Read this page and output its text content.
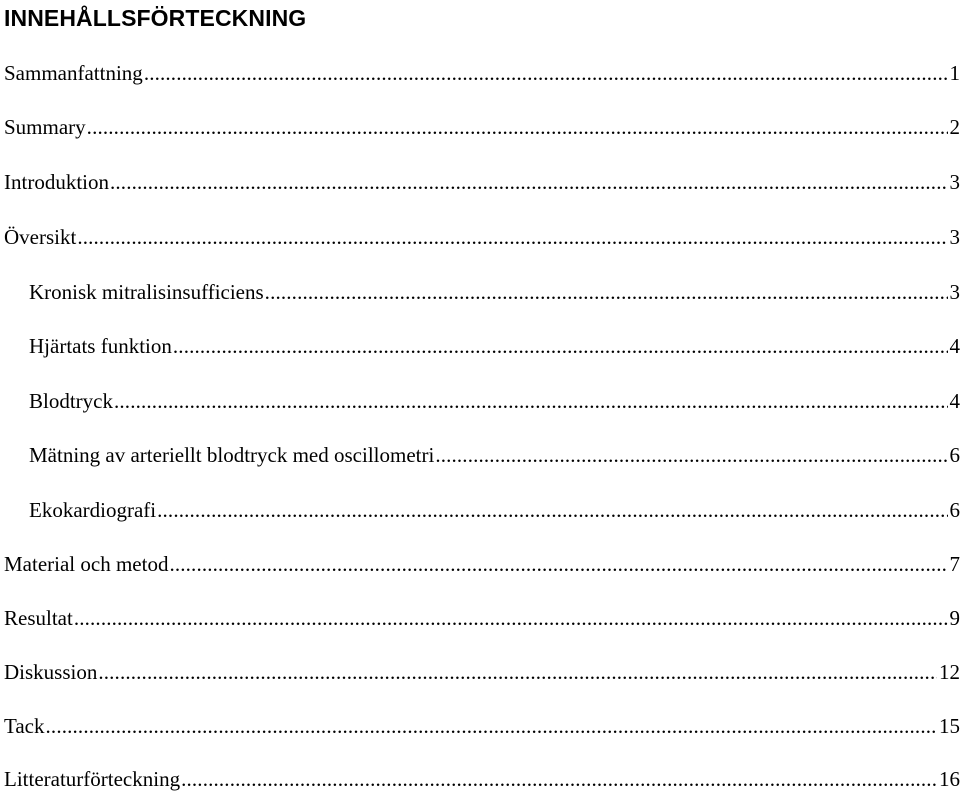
INNEHÅLLSFÖRTECKNING
Sammanfattning .....	1
Summary .....	2
Introduktion .....	3
Översikt .....	3
Kronisk mitralisinsufficiens .....	3
Hjärtats funktion .....	4
Blodtryck .....	4
Mätning av arteriellt blodtryck med oscillometri .....	6
Ekokardiografi .....	6
Material och metod .....	7
Resultat .....	9
Diskussion .....	12
Tack .....	15
Litteraturförteckning .....	16
